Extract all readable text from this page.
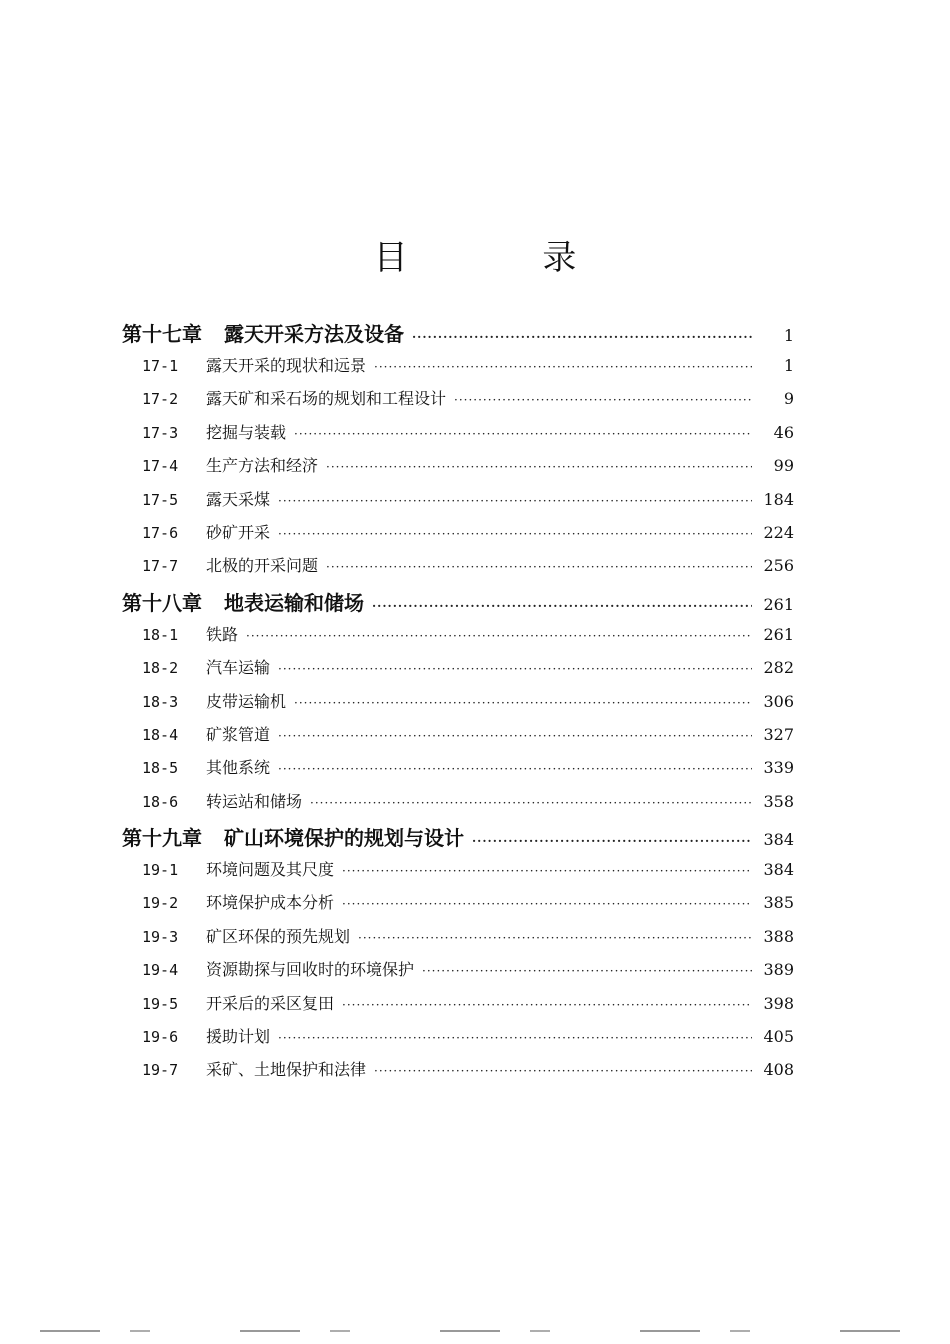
目 录
第十七章 露天开采方法及设备 ·····	1
17-1	露天开采的现状和远景 ·····	1
17-2	露天矿和采石场的规划和工程设计 ·····	9
17-3	挖掘与装载 ·····	46
17-4	生产方法和经济 ·····	99
17-5	露天采煤 ·····	184
17-6	砂矿开采 ·····	224
17-7	北极的开采问题 ·····	256
第十八章 地表运输和储场 ·····	261
18-1	铁路 ·····	261
18-2	汽车运输 ·····	282
18-3	皮带运输机 ·····	306
18-4	矿浆管道 ·····	327
18-5	其他系统 ·····	339
18-6	转运站和储场 ·····	358
第十九章 矿山环境保护的规划与设计 ·····	384
19-1	环境问题及其尺度 ·····	384
19-2	环境保护成本分析 ·····	385
19-3	矿区环保的预先规划 ·····	388
19-4	资源勘探与回收时的环境保护 ·····	389
19-5	开采后的采区复田 ·····	398
19-6	援助计划 ·····	405
19-7	采矿、土地保护和法律 ·····	408
